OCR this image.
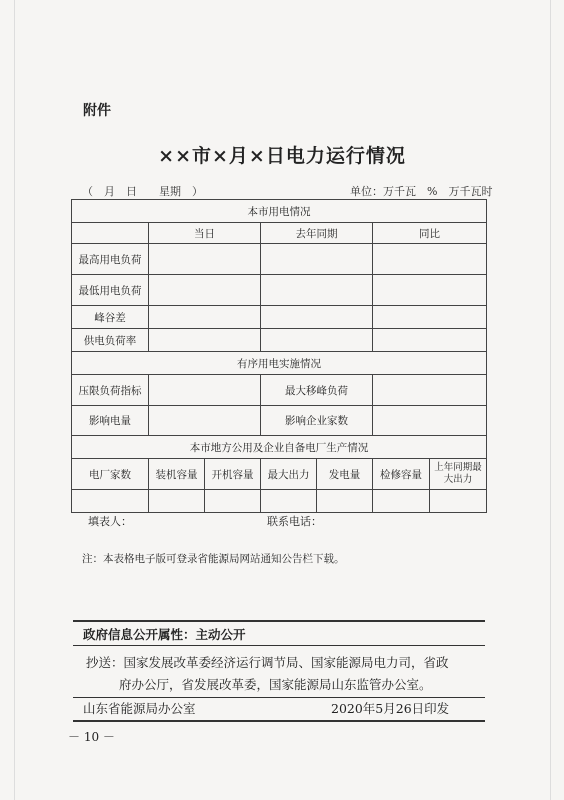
附件
××市×月×日电力运行情况
（　月　日　　星期　）	单位：万千瓦　%　万千瓦时
本市用电情况						
	当日		去年同期		同比	
最高用电负荷						
最低用电负荷						
峰谷差						
供电负荷率						
有序用电实施情况						
压限负荷指标			最大移峰负荷			
影响电量			影响企业家数			
本市地方公用及企业自备电厂生产情况						
电厂家数	装机容量	开机容量	最大出力	发电量	检修容量	上年同期最大出力

填表人：	联系电话：
注：本表格电子版可登录省能源局网站通知公告栏下载。
政府信息公开属性：主动公开
抄送：国家发展改革委经济运行调节局、国家能源局电力司，省政
府办公厅，省发展改革委，国家能源局山东监管办公室。
山东省能源局办公室	2020年5月26日印发
－ 10 －
